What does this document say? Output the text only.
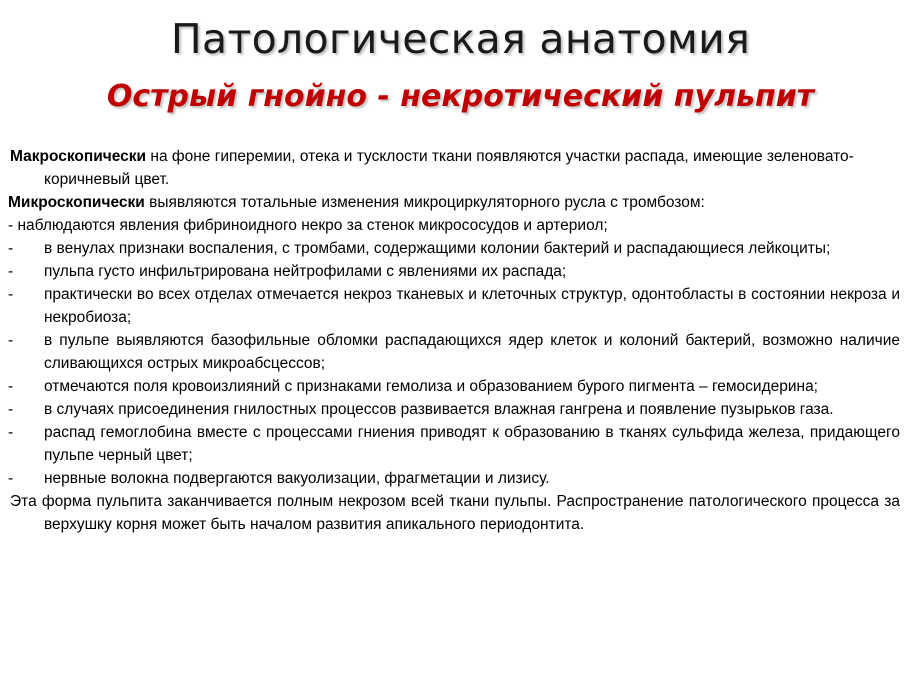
Патологическая анатомия
Острый гнойно - некротический пульпит

Макроскопически на фоне гиперемии, отека и тусклости ткани появляются участки распада, имеющие зеленовато-коричневый цвет.

Микроскопически выявляются тотальные изменения микроциркуляторного русла с тромбозом:

- наблюдаются явления фибриноидного некро за стенок микрососудов и артериол;

- в венулах признаки воспаления, с тромбами, содержащими колонии бактерий и распадающиеся лейкоциты;
- пульпа густо инфильтрирована нейтрофилами с явлениями их распада;
- практически во всех отделах отмечается некроз тканевых и клеточных структур, одонтобласты в состоянии некроза и некробиоза;
- в пульпе выявляются базофильные обломки распадающихся ядер клеток и колоний бактерий, возможно наличие сливающихся острых микроабсцессов;
- отмечаются поля кровоизлияний с признаками гемолиза и образованием бурого пигмента – гемосидерина;
- в случаях присоединения гнилостных процессов развивается влажная гангрена и появление пузырьков газа.
- распад гемоглобина вместе с процессами гниения приводят к образованию в тканях сульфида железа, придающего пульпе черный цвет;
- нервные волокна подвергаются вакуолизации, фрагметации и лизису.

Эта форма пульпита заканчивается полным некрозом всей ткани пульпы. Распространение патологического процесса за верхушку корня может быть началом развития апикального периодонтита.
